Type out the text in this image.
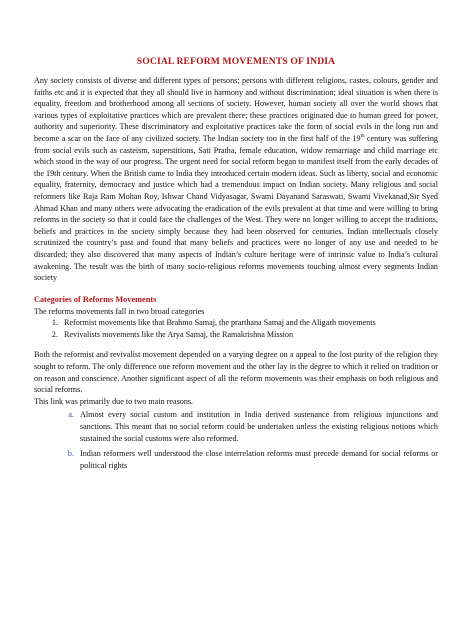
SOCIAL REFORM MOVEMENTS OF INDIA

Any society consists of diverse and different types of persons; persons with different religions, castes, colours, gender and faiths etc and it is expected that they all should live in harmony and without discrimination; ideal situation is when there is equality, freedom and brotherhood among all sections of society. However, human society all over the world shows that various types of exploitative practices which are prevalent there; these practices originated due to human greed for power, authority and superiority. These discriminatory and exploitative practices take the form of social evils in the long run and become a scar on the face of any civilized society. The Indian society too in the first half of the 19th century was suffering from social evils such as casteism, superstitions, Sati Pratha, female education, widow remarriage and child marriage etc which stood in the way of our progress. The urgent need for social reform began to manifest itself from the early decades of the 19th century. When the British came to India they introduced certain modern ideas. Such as liberty, social and economic equality, fraternity, democracy and justice which had a tremendous impact on Indian society. Many religious and social reformers like Raja Ram Mohan Roy, Ishwar Chand Vidyasagar, Swami Dayanand Saraswati, Swami Vivekanad,Sir Syed Ahmad Khan and many others were advocating the eradication of the evils prevalent at that time and were willing to bring reforms in the society so that it could face the challenges of the West. They were no longer willing to accept the traditions, beliefs and practices in the society simply because they had been observed for centuries. Indian intellectuals closely scrutinized the country’s past and found that many beliefs and practices were no longer of any use and needed to be discarded; they also discovered that many aspects of Indian’s culture heritage were of intrinsic value to India’s cultural awakening. The result was the birth of many socio-religious reforms movements touching almost every segments Indian society

Categories of Reforms Movements

The reforms movements fall in two broad categories

1. Reformist movements like that Brahmo Samaj, the prarthana Samaj and the Aligarh movements
2. Revivalists movements like the Arya Samaj, the Ramakrishna Mission

Both the reformist and revivalist movement depended on a varying degree on a appeal to the lost purity of the religion they sought to reform. The only difference one reform movement and the other lay in the degree to which it relied on tradition or on reason and conscience. Another significant aspect of all the reform movements was their emphasis on both religious and social reforms.

This link was primarily due to two main reasons.

a. Almost every social custom and institution in India derived sustenance from religious injunctions and sanctions. This meant that no social reform could be undertaken unless the existing religious notions which sustained the social customs were also reformed.
b. Indian reformers well understood the close interrelation reforms must precede demand for social reforms or political rights
